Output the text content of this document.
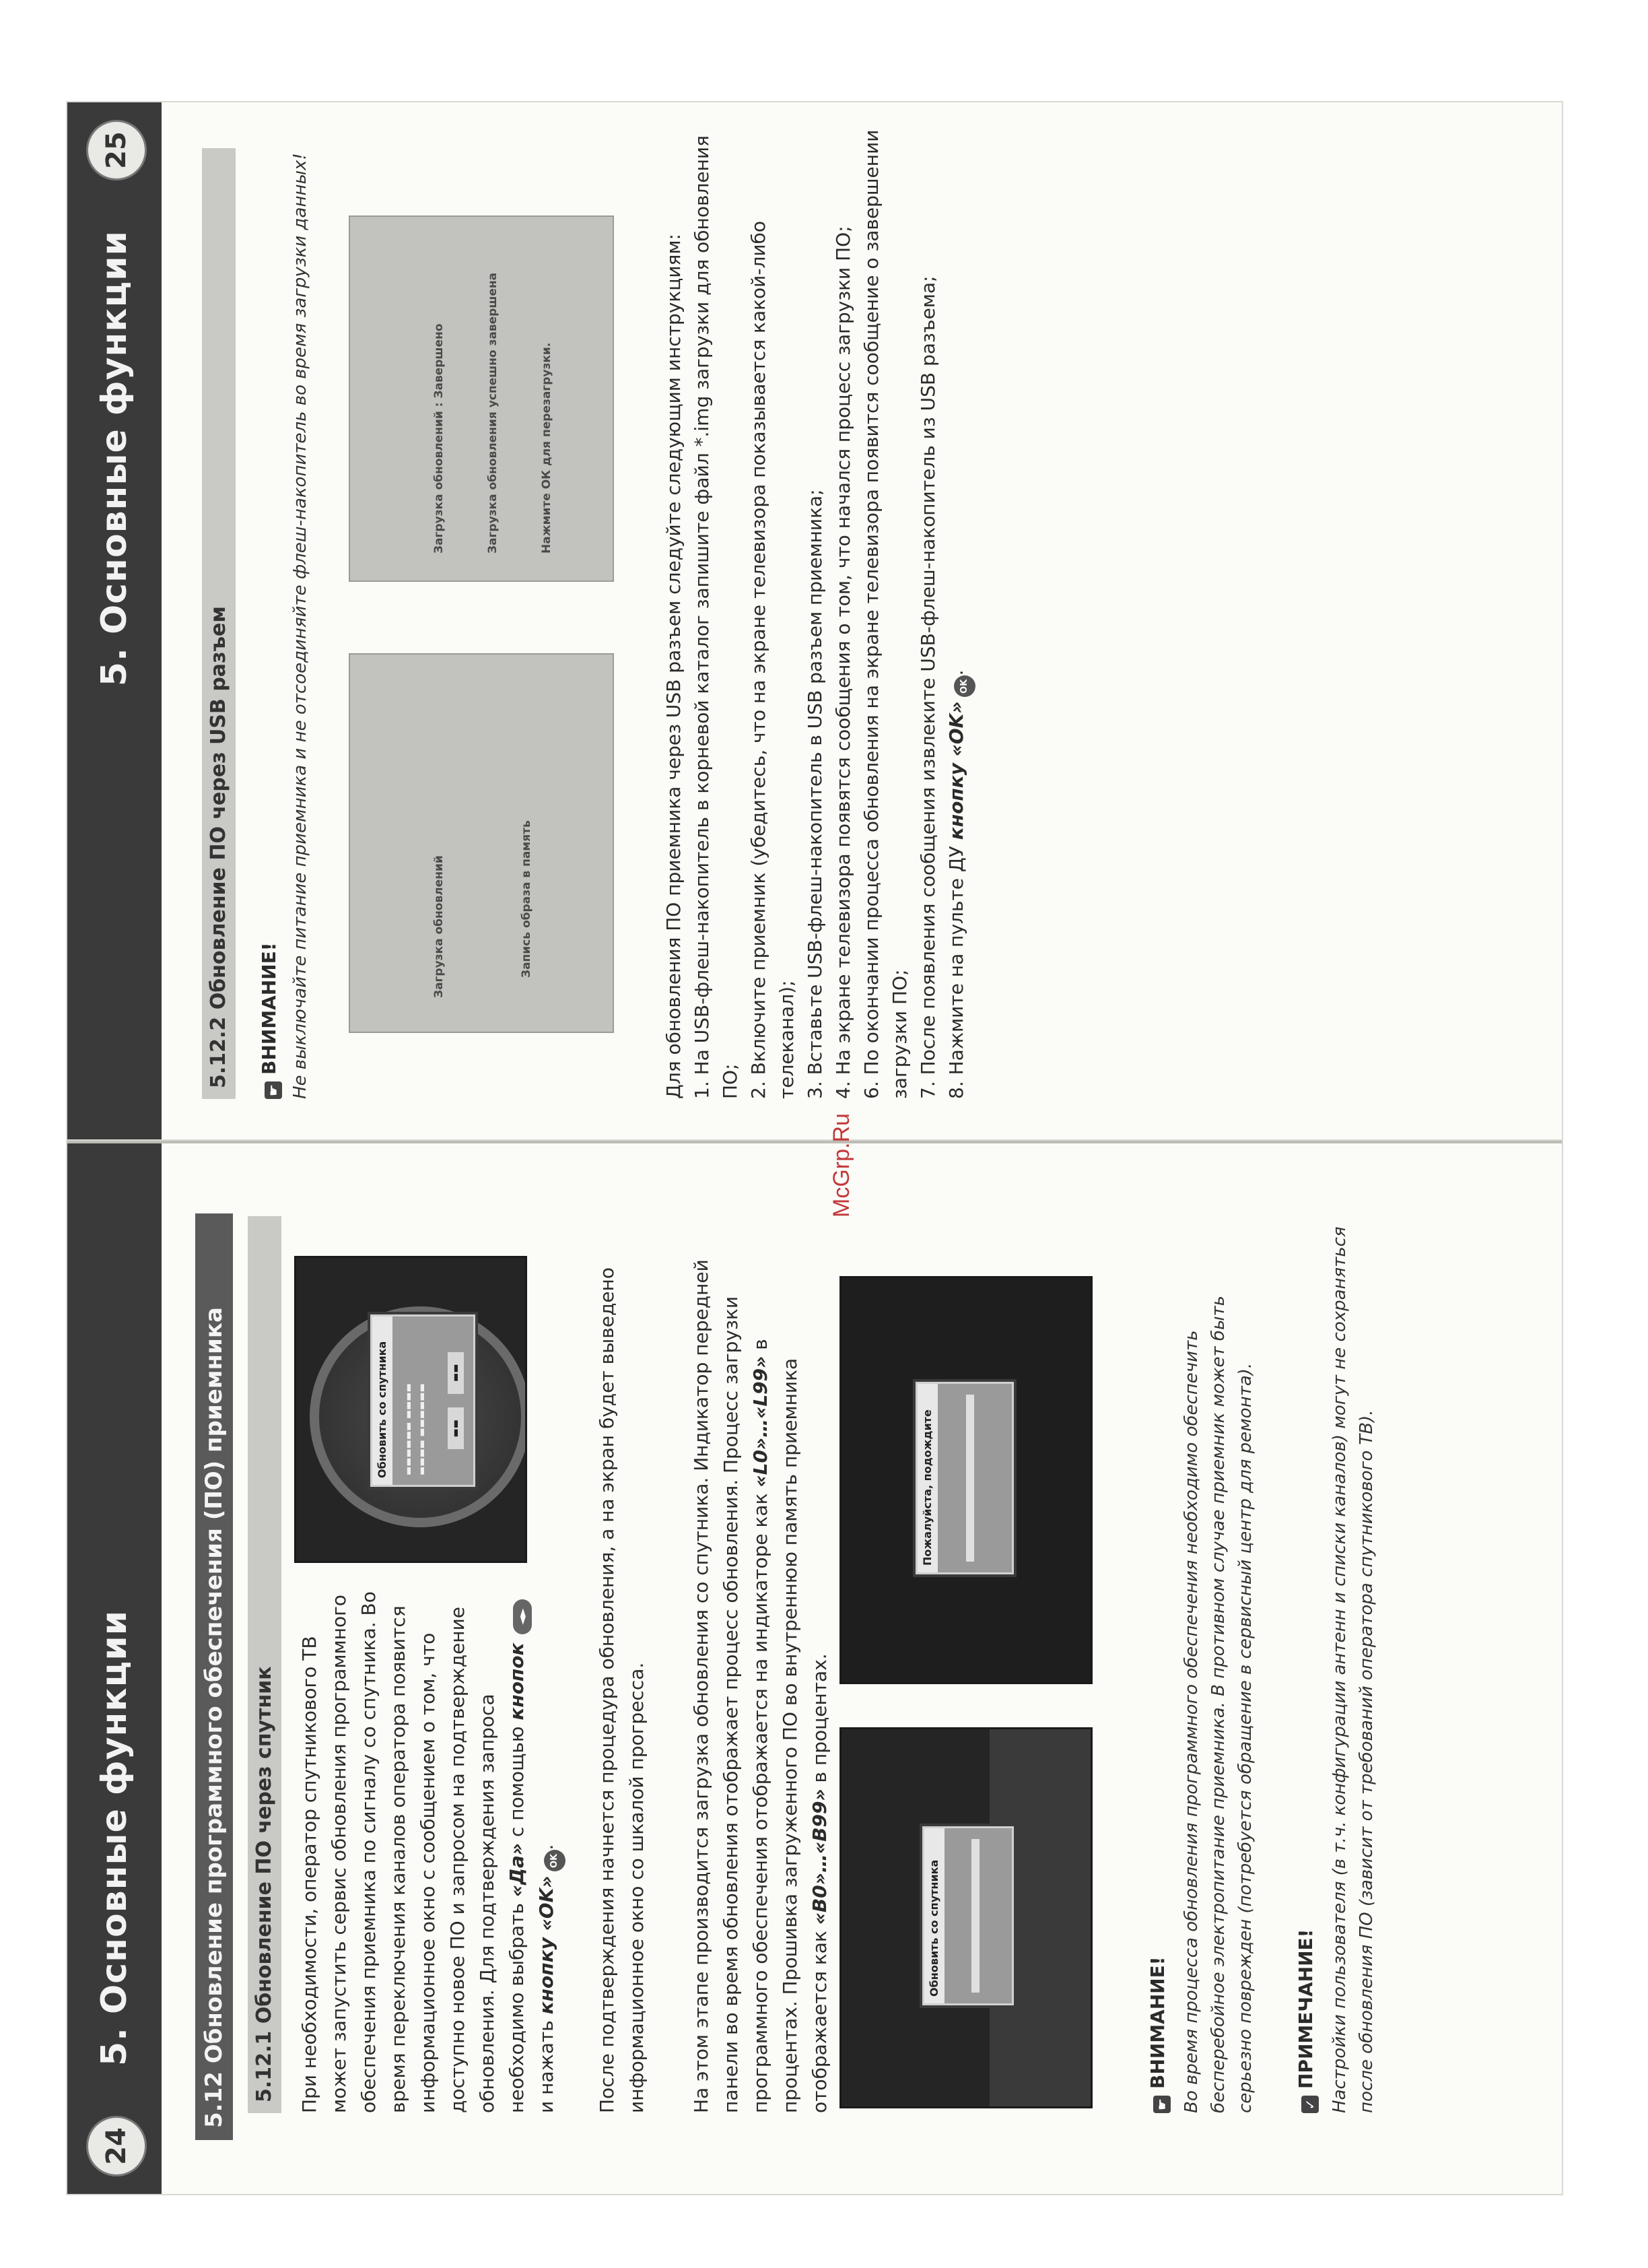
24
5. Основные функции	5.12 Обновление программного обеспечения (ПО) приемника 5.12.1 Обновление ПО через спутник При необходимости, оператор спутникового ТВ может запустить сервис обновления программного обеспечения приемника по сигналу со спутника. Во время переключения каналов оператора появится информационное окно с сообщением о том, что доступно новое ПО и запросом на подтверждение обновления. Для подтверждения запроса необходимо выбрать «Да» с помощью кнопок ◄► и нажать кнопку «OK»OK.
Обновить со спутника	▬▬▬▬▬▬ ▬▬▬▬ ▬▬▬▬ ▬▬▬▬▬▬ ▬▬▬▬	После подтверждения начнется процедура обновления, а на экран будет выведено информационное окно со шкалой прогресса. На этом этапе производится загрузка обновления со спутника. Индикатор передней панели во время обновления отображает процесс обновления. Процесс загрузки программного обеспечения отображается на индикаторе как «L0»…«L99» в процентах. Прошивка загруженного ПО во внутреннюю память приемника отображается как «B0»…«B99» в процентах.
Обновить со спутника
Пожалуйста, подождите
☛ВНИМАНИЕ! Во время процесса обновления программного обеспечения необходимо обеспечить бесперебойное электропитание приемника. В противном случае приемник может быть серьезно поврежден (потребуется обращение в сервисный центр для ремонта).	✓ПРИМЕЧАНИЕ! Настройки пользователя (в т.ч. конфигурации антенн и списки каналов) могут не сохраняться после обновления ПО (зависит от требований оператора спутникового ТВ).
5. Основные функции
25
5.12.2 Обновление ПО через USB разъем
☛ВНИМАНИЕ! Не выключайте питание приемника и не отсоединяйте флеш-накопитель во время загрузки данных!	Загрузка обновлений	Запись образа в память
Загрузка обновлений : Завершено	Загрузка обновления успешно завершена	Нажмите ОК для перезагрузки.	Для обновления ПО приемника через USB разъем следуйте следующим инструкциям: 1. На USB-флеш-накопитель в корневой каталог запишите файл *.img загрузки для обновления ПО; 2. Включите приемник (убедитесь, что на экране телевизора показывается какой-либо телеканал); 3. Вставьте USB-флеш-накопитель в USB разъем приемника; 4. На экране телевизора появятся сообщения о том, что начался процесс загрузки ПО; 6. По окончании процесса обновления на экране телевизора появится сообщение о завершении загрузки ПО; 7. После появления сообщения извлеките USB-флеш-накопитель из USB разъема; 8. Нажмите на пульте ДУ кнопку «OK»OK.
McGrp.Ru
